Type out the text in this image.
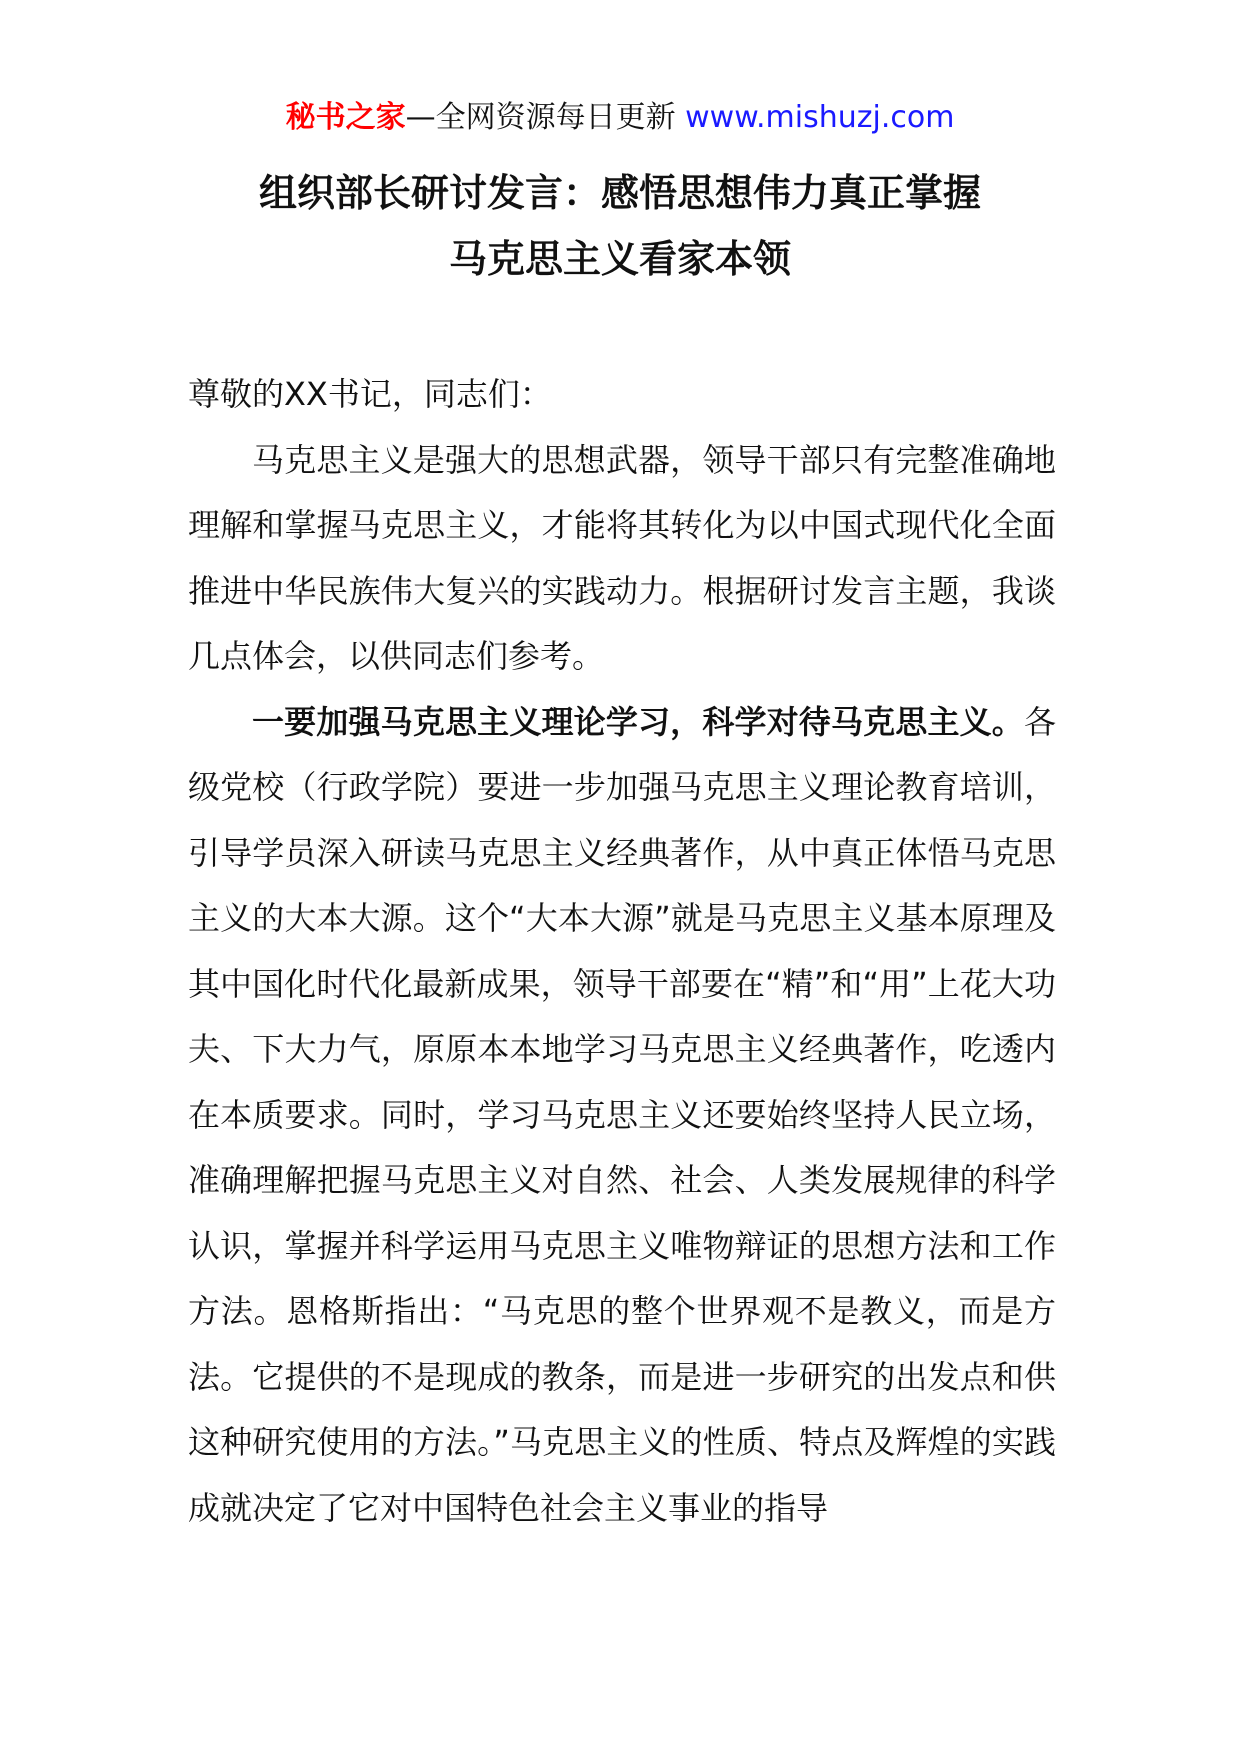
秘书之家—全网资源每日更新 www.mishuzj.com
组织部长研讨发言：感悟思想伟力真正掌握
马克思主义看家本领

尊敬的XX书记，同志们：

马克思主义是强大的思想武器，领导干部只有完整准确地理解和掌握马克思主义，才能将其转化为以中国式现代化全面推进中华民族伟大复兴的实践动力。根据研讨发言主题，我谈几点体会，以供同志们参考。

一要加强马克思主义理论学习，科学对待马克思主义。各级党校（行政学院）要进一步加强马克思主义理论教育培训，引导学员深入研读马克思主义经典著作，从中真正体悟马克思主义的大本大源。这个“大本大源”就是马克思主义基本原理及其中国化时代化最新成果，领导干部要在“精”和“用”上花大功夫、下大力气，原原本本地学习马克思主义经典著作，吃透内在本质要求。同时，学习马克思主义还要始终坚持人民立场，准确理解把握马克思主义对自然、社会、人类发展规律的科学认识，掌握并科学运用马克思主义唯物辩证的思想方法和工作方法。恩格斯指出：“马克思的整个世界观不是教义，而是方法。它提供的不是现成的教条，而是进一步研究的出发点和供这种研究使用的方法。”马克思主义的性质、特点及辉煌的实践成就决定了它对中国特色社会主义事业的指导
